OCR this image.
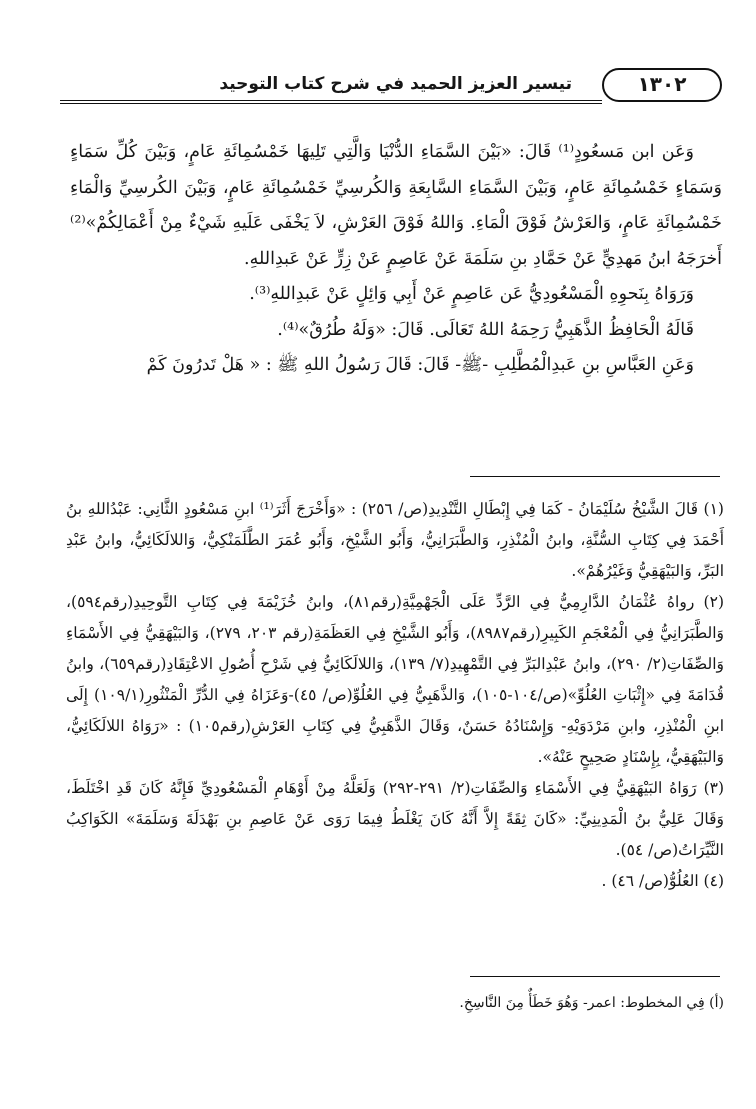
تيسير العزيز الحميد في شرح كتاب التوحيد	١٣٠٢

وَعَن ابن مَسعُودٍ⁽¹⁾ قَالَ: «بَيْنَ السَّمَاءِ الدُّنْيَا وَالَّتِي تَلِيهَا خَمْسُمِائَةِ عَامٍ، وَبَيْنَ كُلِّ سَمَاءٍ وَسَمَاءٍ خَمْسُمِائَةِ عَامٍ، وَبَيْنَ السَّمَاءِ السَّابِعَةِ وَالكُرسِيِّ خَمْسُمِائَةِ عَامٍ، وَبَيْنَ الكُرسِيِّ وَالْمَاءِ خَمْسُمِائَةِ عَامٍ، وَالعَرْشُ فَوْقَ الْمَاءِ. وَاللهُ فَوْقَ العَرْشِ، لاَ يَخْفَى عَلَيهِ شَيْءٌ مِنْ أَعْمَالِكُمْ»⁽²⁾ أَخرَجَهُ ابنُ مَهدِيٍّ عَنْ حَمَّادِ بنِ سَلَمَةَ عَنْ عَاصِمٍ عَنْ زِرٍّ عَنْ عَبدِاللهِ.

وَرَوَاهُ بِنَحوِهِ الْمَسْعُودِيُّ عَن عَاصِمٍ عَنْ أَبِي وَائِلٍ عَنْ عَبدِاللهِ⁽³⁾.

قَالَهُ الْحَافِظُ الذَّهَبِيُّ رَحِمَهُ اللهُ تَعَالَى. قَالَ: «وَلَهُ طُرُقٌ»⁽⁴⁾.

وَعَنِ العَبَّاسِ بنِ عَبدِالْمُطَّلِبِ -ﷺ- قَالَ: قَالَ رَسُولُ اللهِ ﷺ : « هَلْ تَدرُونَ كَمْ

(١) قَالَ الشَّيْخُ سُلَيْمَانُ - كَمَا فِي إِبْطَالِ التَّنْدِيدِ(ص/ ٢٥٦) : «وَأَخْرَجَ أَثَرَ⁽¹⁾ ابنِ مَسْعُودٍ الثَّانِي: عَبْدُاللهِ بنُ أَحْمَدَ فِي كِتَابِ السُّنَّةِ، وابنُ الْمُنْذِرِ، وَالطَّبَرَانِيُّ، وَأَبُو الشَّيْخِ، وَأَبُو عُمَرَ الطَّلَمَنْكِيُّ، وَاللالَكَائِيُّ، وابنُ عَبْدِ البَرِّ، وَالبَيْهَقِيُّ وَغَيْرُهُمْ».

(٢) رواهُ عُثْمَانُ الدَّارِمِيُّ فِي الرَّدِّ عَلَى الْجَهْمِيَّةِ(رقم٨١)، وابنُ خُزَيْمَةَ فِي كِتَابِ التَّوحِيدِ(رقم٥٩٤)، وَالطَّبَرَانِيُّ فِي الْمُعْجَمِ الكَبِيرِ(رقم٨٩٨٧)، وَأَبُو الشَّيْخِ فِي العَظَمَةِ(رقم ٢٠٣، ٢٧٩)، وَالبَيْهَقِيُّ فِي الأَسْمَاءِ وَالصِّفَاتِ(٢/ ٢٩٠)، وابنُ عَبْدِالبَرِّ فِي التَّمْهِيدِ(٧/ ١٣٩)، وَاللالَكَائِيُّ فِي شَرْحِ أُصُولِ الاعْتِقَادِ(رقم٦٥٩)، وابنُ قُدَامَةَ فِي «إِثْبَاتِ العُلُوِّ»(ص/١٠٤-١٠٥)، وَالذَّهَبِيُّ فِي العُلُوِّ(ص/ ٤٥)-وَعَزَاهُ فِي الدُّرِّ الْمَنْثُورِ(١٠٩/١) إِلَى ابنِ الْمُنْذِرِ، وابنِ مَرْدَوَيْهِ- وَإِسْنَادُهُ حَسَنٌ، وَقَالَ الذَّهَبِيُّ فِي كِتَابِ العَرْشِ(رقم١٠٥) : «رَوَاهُ اللالَكَائِيُّ، وَالبَيْهَقِيُّ، بِإِسْنَادٍ صَحِيحٍ عَنْهُ».

(٣) رَوَاهُ البَيْهَقِيُّ فِي الأَسْمَاءِ وَالصِّفَاتِ(٢/ ٢٩١-٢٩٢) وَلَعَلَّهُ مِنْ أَوْهَامِ الْمَسْعُودِيِّ فَإِنَّهُ كَانَ قَدِ اخْتَلَطَ، وَقَالَ عَلِيُّ بنُ الْمَدِينِيِّ: «كَانَ ثِقَةً إِلاَّ أَنَّهُ كَانَ يَغْلَطُ فِيمَا رَوَى عَنْ عَاصِمِ بنِ بَهْدَلَةَ وَسَلَمَةَ» الكَوَاكِبُ النَّيِّرَاتُ(ص/ ٥٤).

(٤) العُلُوُّ(ص/ ٤٦) .

(أ) فِي المخطوط: اعمر- وَهُوَ خَطَأٌ مِنَ النَّاسِخِ.
